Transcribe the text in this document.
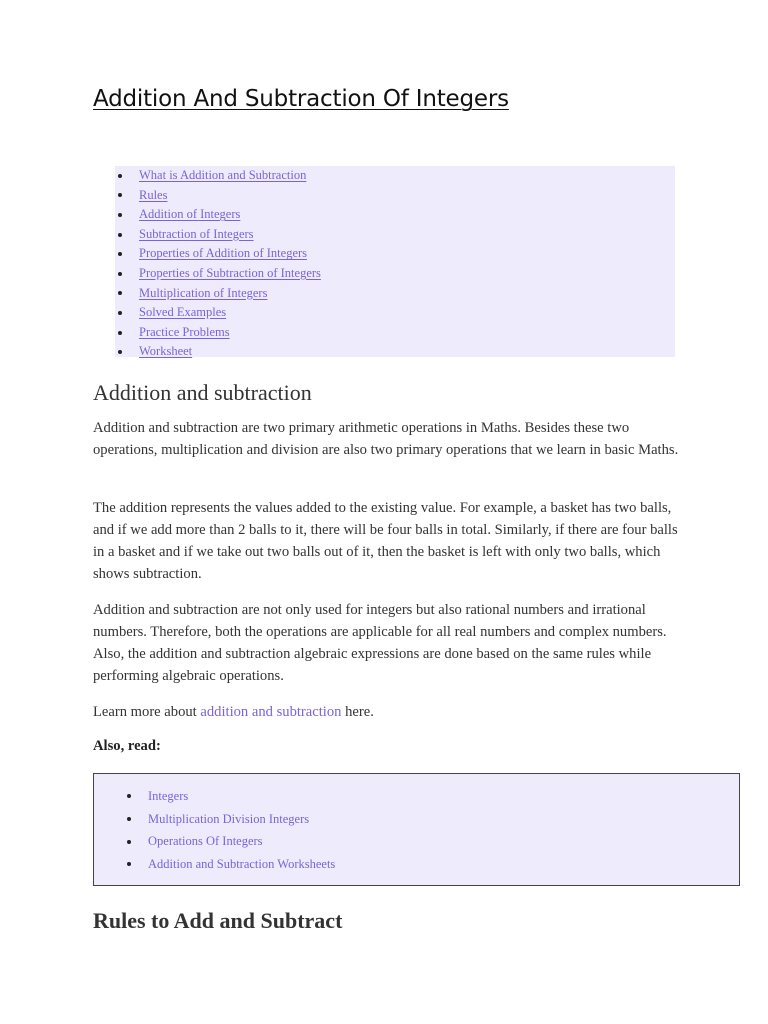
Addition And Subtraction Of Integers
What is Addition and Subtraction
Rules
Addition of Integers
Subtraction of Integers
Properties of Addition of Integers
Properties of Subtraction of Integers
Multiplication of Integers
Solved Examples
Practice Problems
Worksheet
Addition and subtraction

Addition and subtraction are two primary arithmetic operations in Maths. Besides these two operations, multiplication and division are also two primary operations that we learn in basic Maths.

The addition represents the values added to the existing value. For example, a basket has two balls, and if we add more than 2 balls to it, there will be four balls in total. Similarly, if there are four balls in a basket and if we take out two balls out of it, then the basket is left with only two balls, which shows subtraction.

Addition and subtraction are not only used for integers but also rational numbers and irrational numbers. Therefore, both the operations are applicable for all real numbers and complex numbers. Also, the addition and subtraction algebraic expressions are done based on the same rules while performing algebraic operations.

Learn more about addition and subtraction here.

Also, read:

Integers
Multiplication Division Integers
Operations Of Integers
Addition and Subtraction Worksheets
Rules to Add and Subtract
